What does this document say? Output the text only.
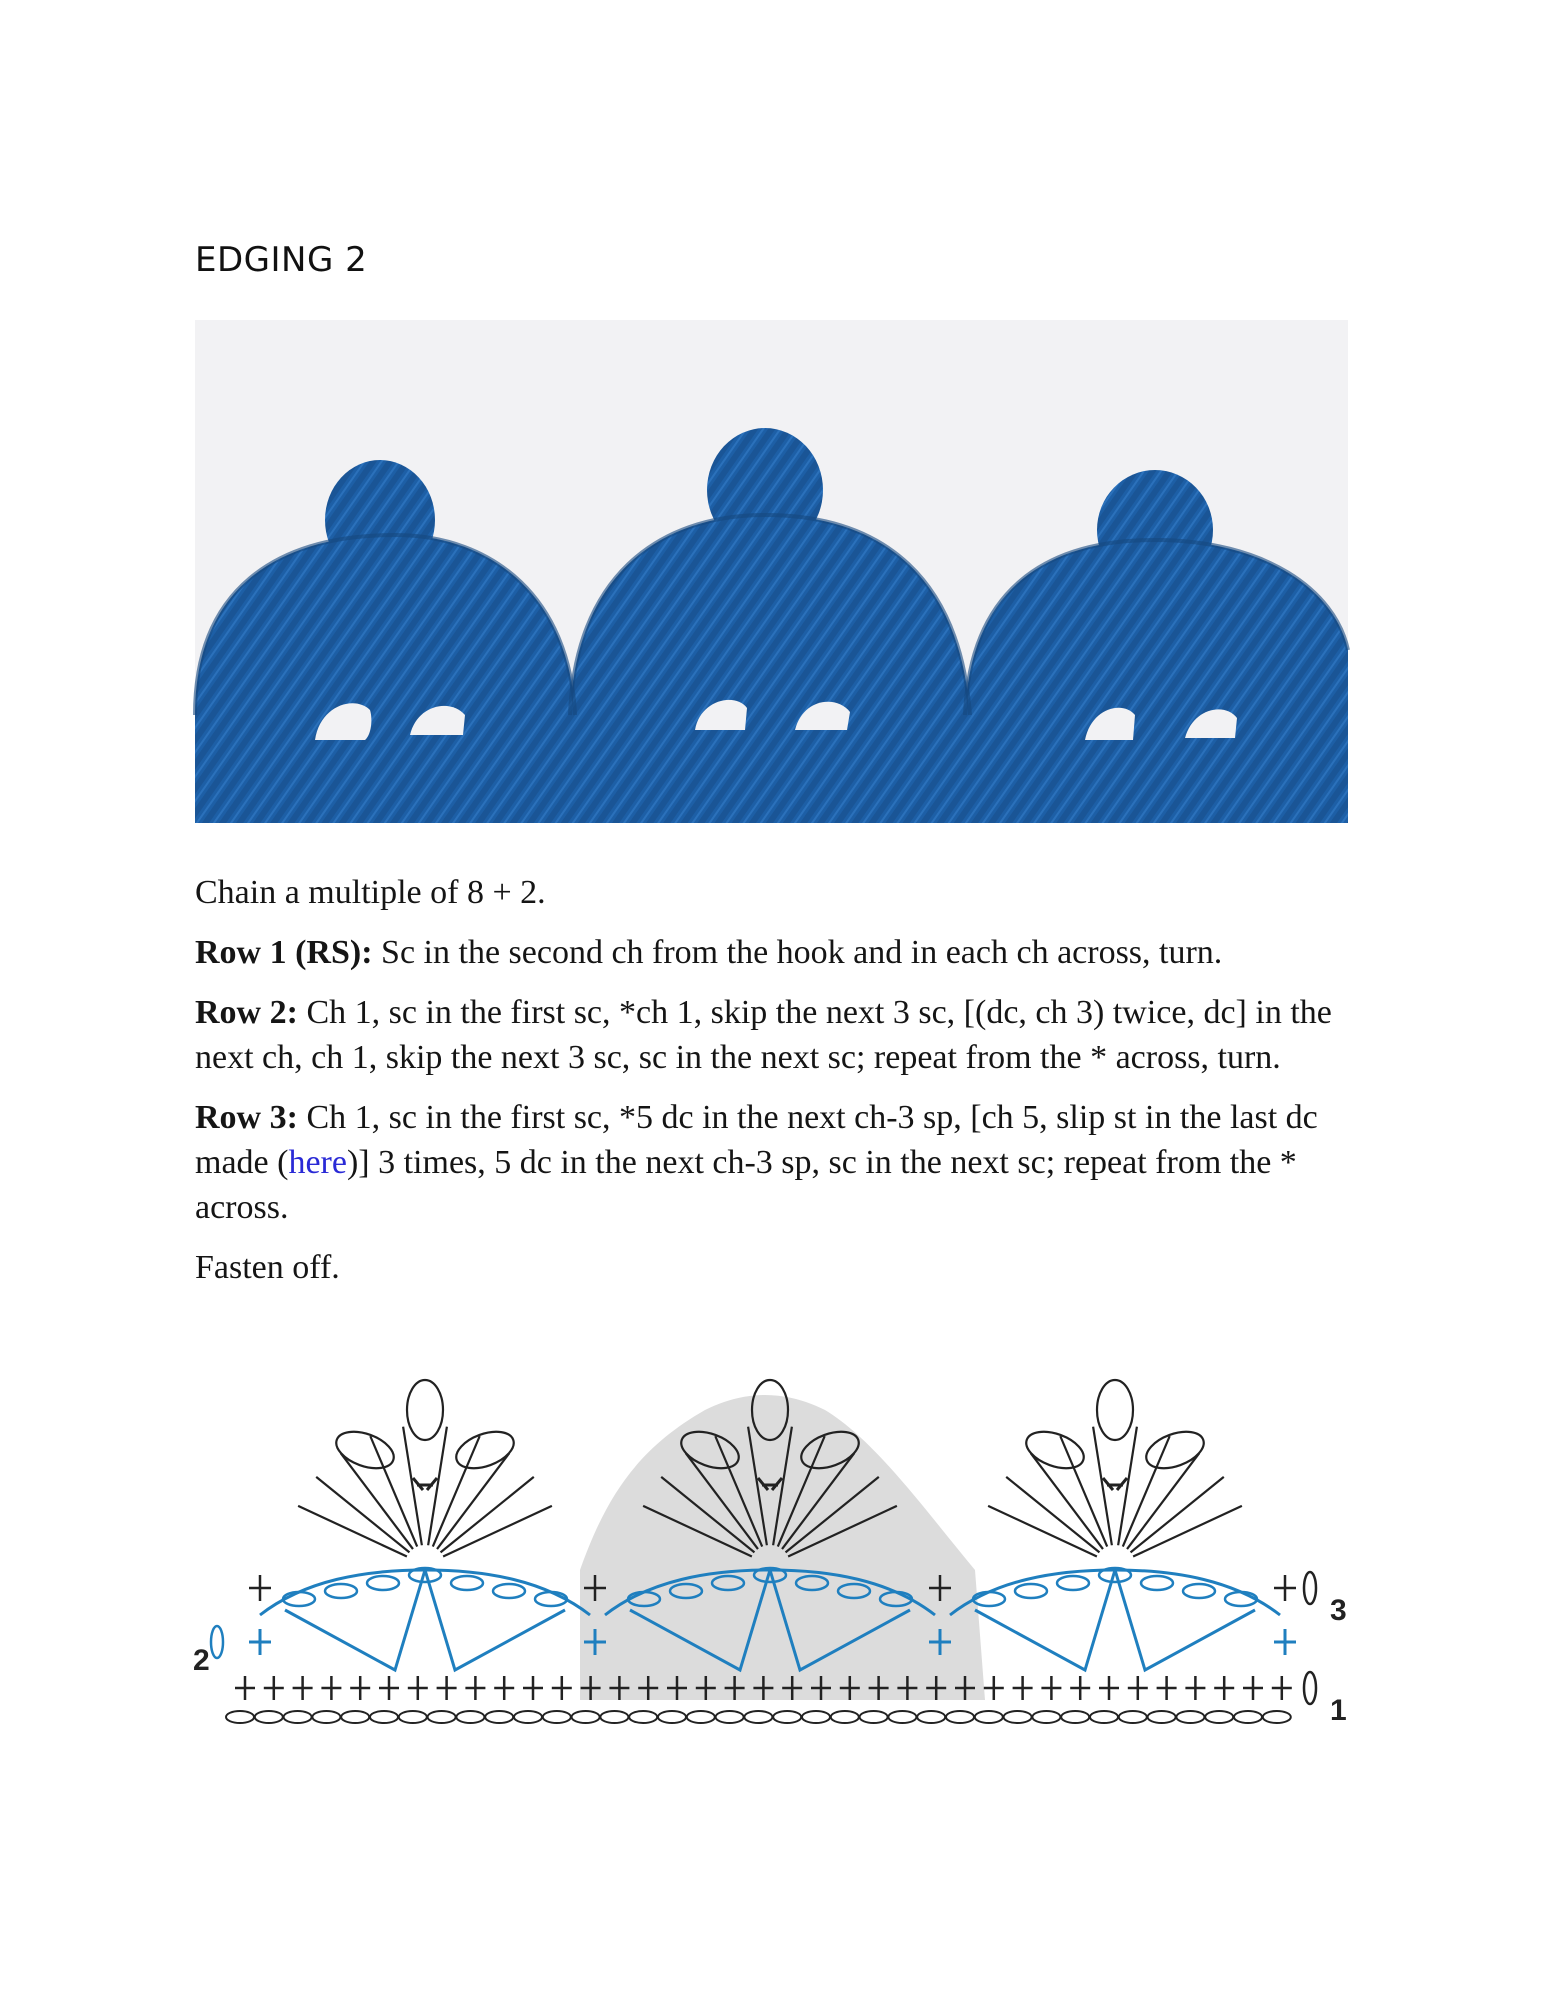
EDGING 2

Chain a multiple of 8 + 2.

Row 1 (RS): Sc in the second ch from the hook and in each ch across, turn.

Row 2: Ch 1, sc in the first sc, *ch 1, skip the next 3 sc, [(dc, ch 3) twice, dc] in the next ch, ch 1, skip the next 3 sc, sc in the next sc; repeat from the * across, turn.

Row 3: Ch 1, sc in the first sc, *5 dc in the next ch-3 sp, [ch 5, slip st in the last dc made (here)] 3 times, 5 dc in the next ch-3 sp, sc in the next sc; repeat from the * across.

Fasten off.

2
3
1
